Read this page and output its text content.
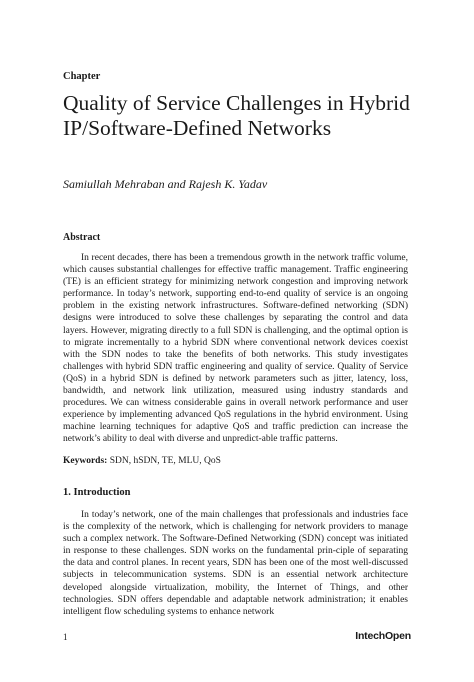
Chapter
Quality of Service Challenges in Hybrid IP/Software-Defined Networks
Samiullah Mehraban and Rajesh K. Yadav
Abstract

In recent decades, there has been a tremendous growth in the network traffic volume, which causes substantial challenges for effective traffic management. Traffic engineering (TE) is an efficient strategy for minimizing network congestion and improving network performance. In today’s network, supporting end-to-end quality of service is an ongoing problem in the existing network infrastructures. Software-defined networking (SDN) designs were introduced to solve these challenges by separating the control and data layers. However, migrating directly to a full SDN is challenging, and the optimal option is to migrate incrementally to a hybrid SDN where conventional network devices coexist with the SDN nodes to take the benefits of both networks. This study investigates challenges with hybrid SDN traffic engineering and quality of service. Quality of Service (QoS) in a hybrid SDN is defined by network parameters such as jitter, latency, loss, bandwidth, and network link utilization, measured using industry standards and procedures. We can witness considerable gains in overall network performance and user experience by implementing advanced QoS regulations in the hybrid environment. Using machine learning techniques for adaptive QoS and traffic prediction can increase the network’s ability to deal with diverse and unpredict-able traffic patterns.

Keywords: SDN, hSDN, TE, MLU, QoS
1. Introduction

In today’s network, one of the main challenges that professionals and industries face is the complexity of the network, which is challenging for network providers to manage such a complex network. The Software-Defined Networking (SDN) concept was initiated in response to these challenges. SDN works on the fundamental prin-ciple of separating the data and control planes. In recent years, SDN has been one of the most well-discussed subjects in telecommunication systems. SDN is an essential network architecture developed alongside virtualization, mobility, the Internet of Things, and other technologies. SDN offers dependable and adaptable network administration; it enables intelligent flow scheduling systems to enhance network

1	IntechOpen
